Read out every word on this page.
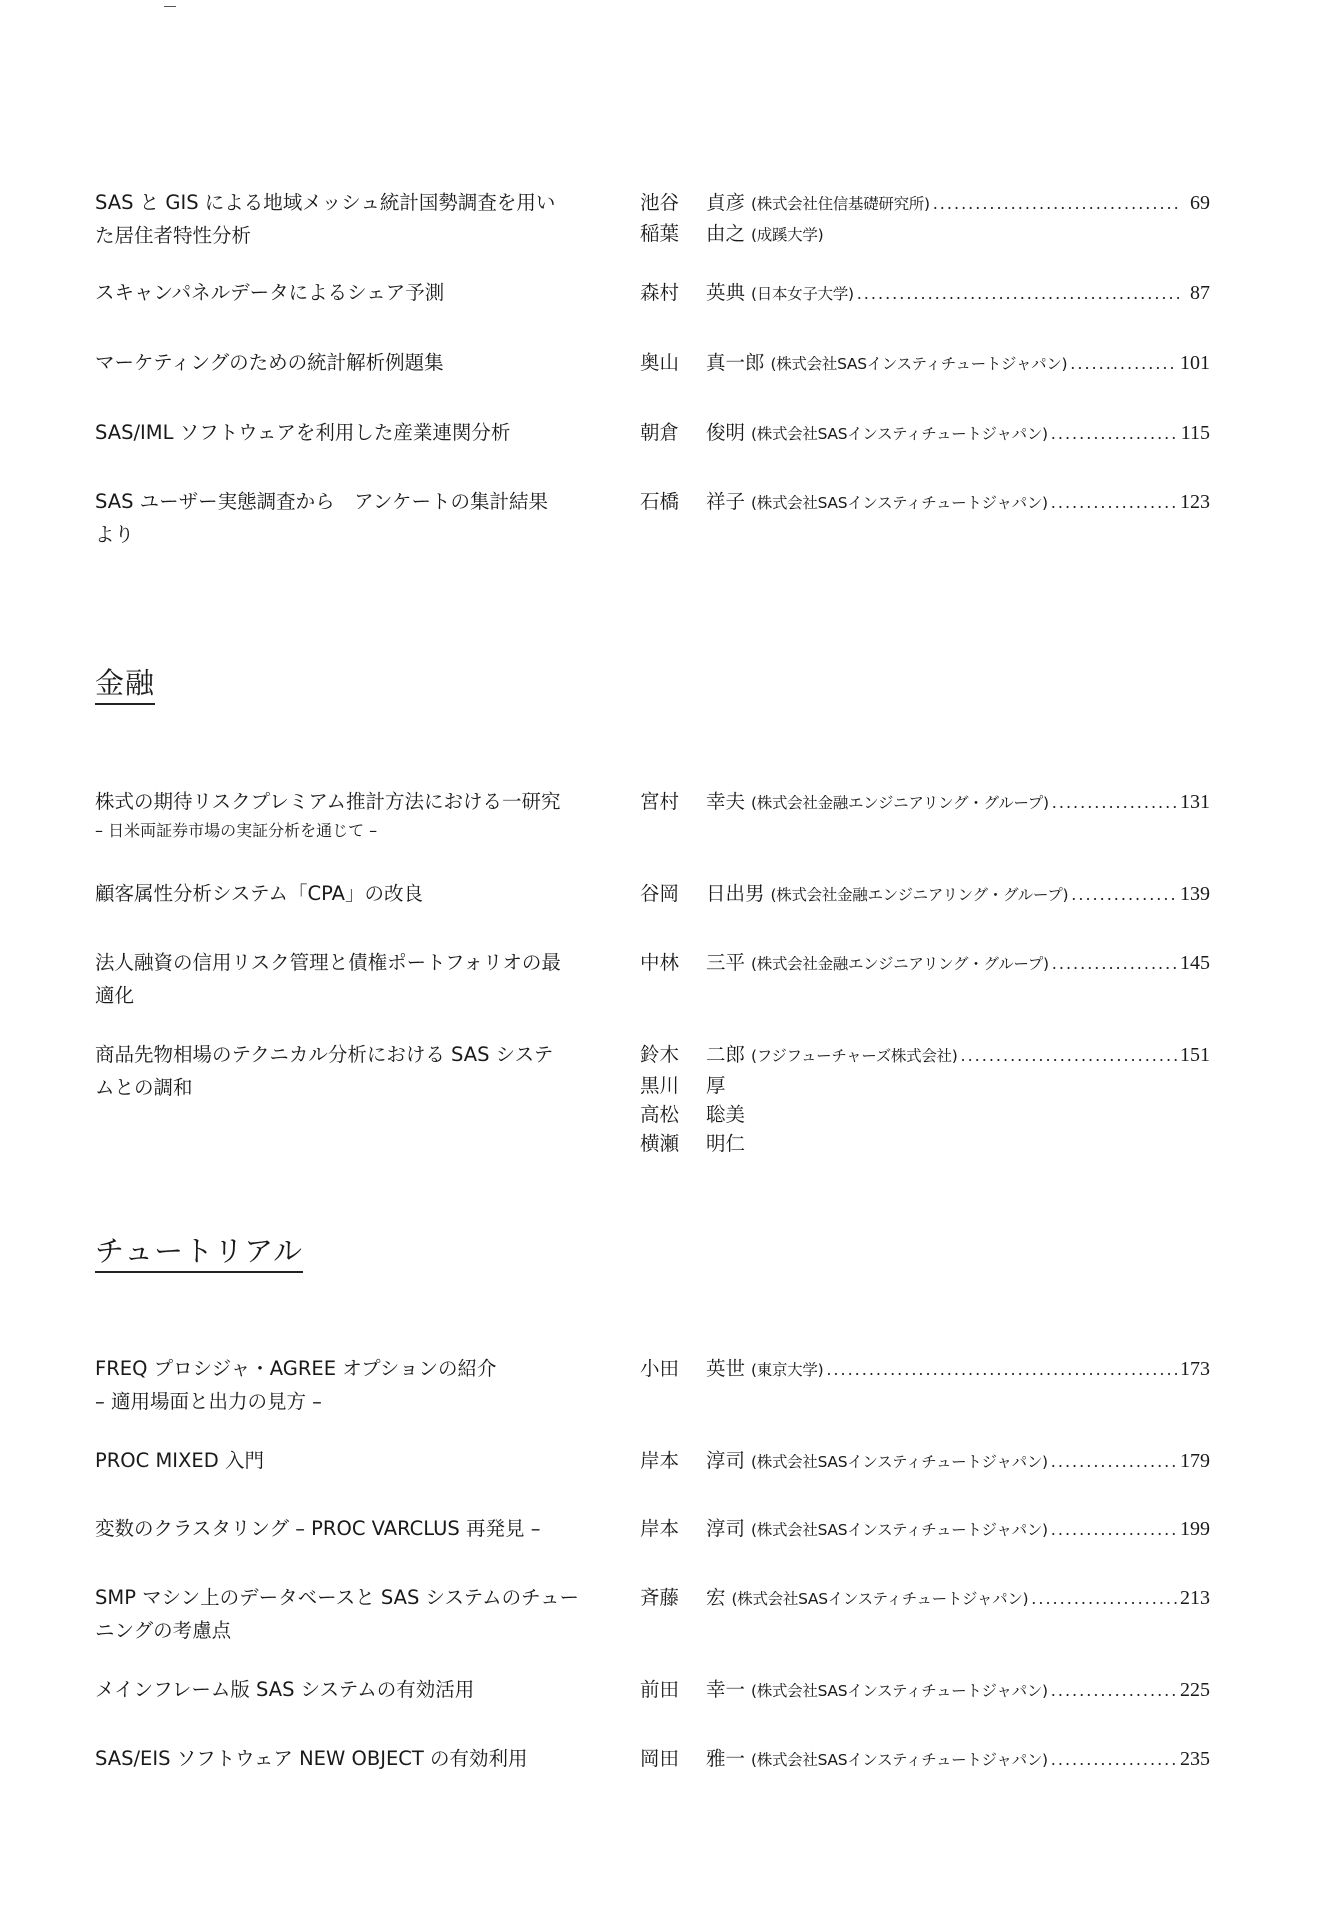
SAS と GIS による地域メッシュ統計国勢調査を用い
た居住者特性分析
池谷	貞彦 (株式会社住信基礎研究所) .....	69
稲葉	由之 (成蹊大学)
スキャンパネルデータによるシェア予測	森村	英典 (日本女子大学) .....	87
マーケティングのための統計解析例題集	奥山	真一郎 (株式会社SASインスティチュートジャパン) .....	101
SAS/IML ソフトウェアを利用した産業連関分析	朝倉	俊明 (株式会社SASインスティチュートジャパン) .....	115
SAS ユーザー実態調査から　アンケートの集計結果
より
石橋	祥子 (株式会社SASインスティチュートジャパン) .....	123
金融
株式の期待リスクプレミアム推計方法における一研究
– 日米両証券市場の実証分析を通じて –
宮村	幸夫 (株式会社金融エンジニアリング・グループ) .....	131
顧客属性分析システム「CPA」の改良	谷岡	日出男 (株式会社金融エンジニアリング・グループ) .....	139
法人融資の信用リスク管理と債権ポートフォリオの最
適化
中林	三平 (株式会社金融エンジニアリング・グループ) .....	145
商品先物相場のテクニカル分析における SAS システ
ムとの調和
鈴木	二郎 (フジフューチャーズ株式会社) .....	151
黒川	厚
高松	聡美
横瀬	明仁
チュートリアル
FREQ プロシジャ・AGREE オプションの紹介
– 適用場面と出力の見方 –
小田	英世 (東京大学) .....	173
PROC MIXED 入門	岸本	淳司 (株式会社SASインスティチュートジャパン) .....	179
変数のクラスタリング – PROC VARCLUS 再発見 –	岸本	淳司 (株式会社SASインスティチュートジャパン) .....	199
SMP マシン上のデータベースと SAS システムのチュー
ニングの考慮点
斉藤	宏 (株式会社SASインスティチュートジャパン) .....	213
メインフレーム版 SAS システムの有効活用	前田	幸一 (株式会社SASインスティチュートジャパン) .....	225
SAS/EIS ソフトウェア NEW OBJECT の有効利用	岡田	雅一 (株式会社SASインスティチュートジャパン) .....	235
